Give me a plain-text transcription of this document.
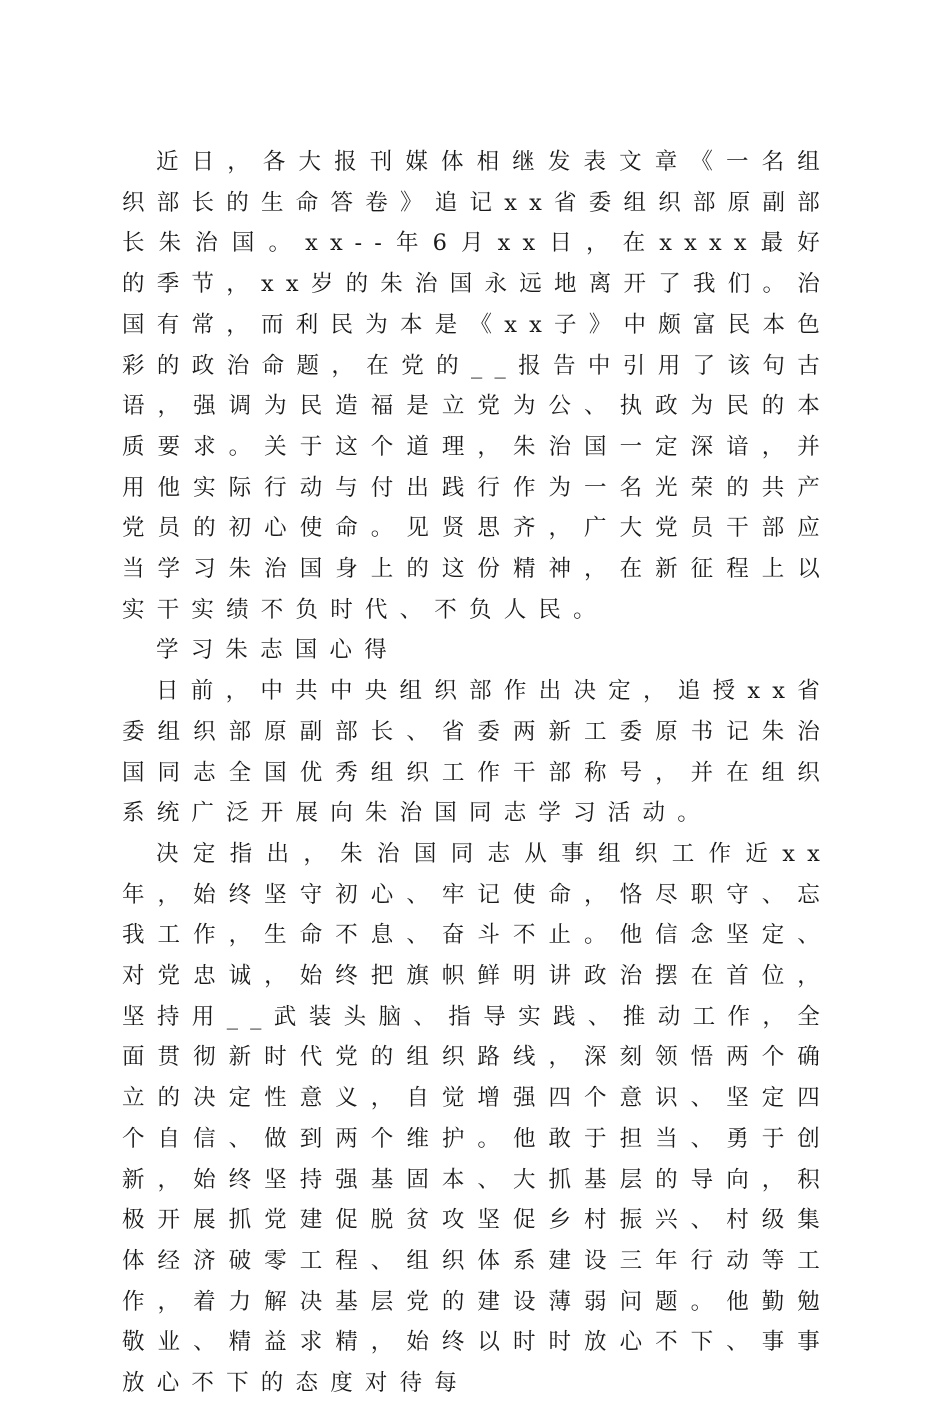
近日，各大报刊媒体相继发表文章《一名组织部长的生命答卷》追记xx省委组织部原副部长朱治国。xx--年6月xx日，在xxxx最好的季节，xx岁的朱治国永远地离开了我们。治国有常，而利民为本是《xx子》中颇富民本色彩的政治命题，在党的__报告中引用了该句古语，强调为民造福是立党为公、执政为民的本质要求。关于这个道理，朱治国一定深谙，并用他实际行动与付出践行作为一名光荣的共产党员的初心使命。见贤思齐，广大党员干部应当学习朱治国身上的这份精神，在新征程上以实干实绩不负时代、不负人民。

学习朱志国心得

日前，中共中央组织部作出决定，追授xx省委组织部原副部长、省委两新工委原书记朱治国同志全国优秀组织工作干部称号，并在组织系统广泛开展向朱治国同志学习活动。

决定指出，朱治国同志从事组织工作近xx年，始终坚守初心、牢记使命，恪尽职守、忘我工作，生命不息、奋斗不止。他信念坚定、对党忠诚，始终把旗帜鲜明讲政治摆在首位，坚持用__武装头脑、指导实践、推动工作，全面贯彻新时代党的组织路线，深刻领悟两个确立的决定性意义，自觉增强四个意识、坚定四个自信、做到两个维护。他敢于担当、勇于创新，始终坚持强基固本、大抓基层的导向，积极开展抓党建促脱贫攻坚促乡村振兴、村级集体经济破零工程、组织体系建设三年行动等工作，着力解决基层党的建设薄弱问题。他勤勉敬业、精益求精，始终以时时放心不下、事事放心不下的态度对待每
